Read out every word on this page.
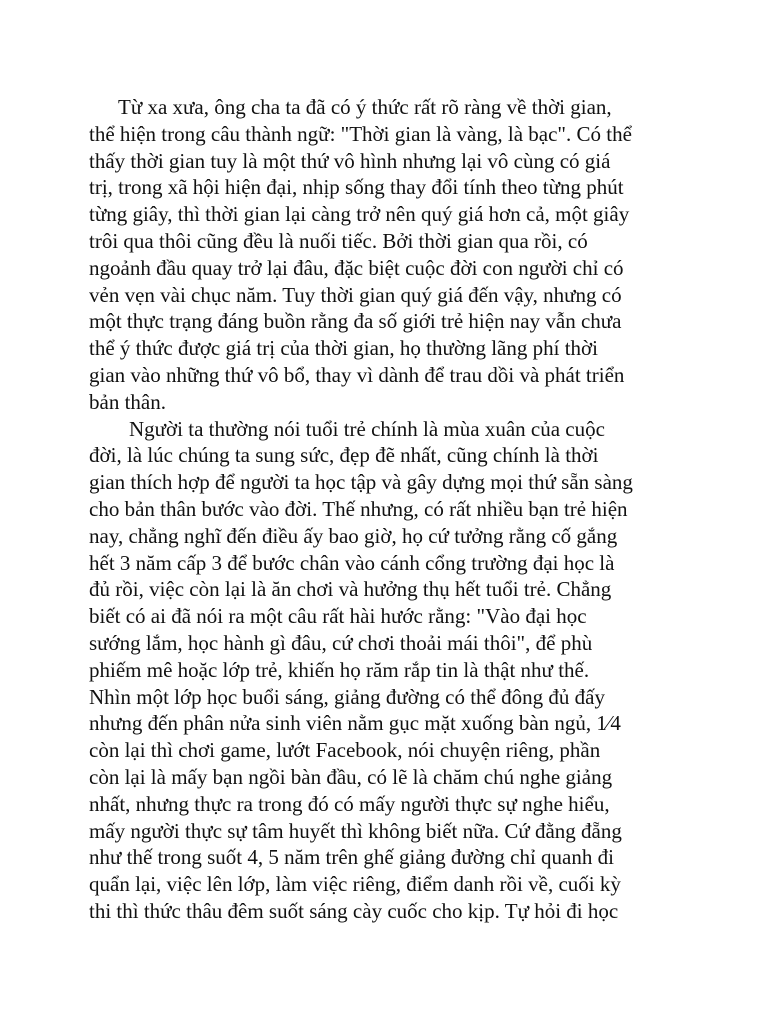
Từ xa xưa, ông cha ta đã có ý thức rất rõ ràng về thời gian,
thể hiện trong câu thành ngữ: "Thời gian là vàng, là bạc". Có thể
thấy thời gian tuy là một thứ vô hình nhưng lại vô cùng có giá
trị, trong xã hội hiện đại, nhịp sống thay đổi tính theo từng phút
từng giây, thì thời gian lại càng trở nên quý giá hơn cả, một giây
trôi qua thôi cũng đều là nuối tiếc. Bởi thời gian qua rồi, có
ngoảnh đầu quay trở lại đâu, đặc biệt cuộc đời con người chỉ có
vẻn vẹn vài chục năm. Tuy thời gian quý giá đến vậy, nhưng có
một thực trạng đáng buồn rằng đa số giới trẻ hiện nay vẫn chưa
thể ý thức được giá trị của thời gian, họ thường lãng phí thời
gian vào những thứ vô bổ, thay vì dành để trau dồi và phát triển
bản thân.
Người ta thường nói tuổi trẻ chính là mùa xuân của cuộc
đời, là lúc chúng ta sung sức, đẹp đẽ nhất, cũng chính là thời
gian thích hợp để người ta học tập và gây dựng mọi thứ sẵn sàng
cho bản thân bước vào đời. Thế nhưng, có rất nhiều bạn trẻ hiện
nay, chẳng nghĩ đến điều ấy bao giờ, họ cứ tưởng rằng cố gắng
hết 3 năm cấp 3 để bước chân vào cánh cổng trường đại học là
đủ rồi, việc còn lại là ăn chơi và hưởng thụ hết tuổi trẻ. Chẳng
biết có ai đã nói ra một câu rất hài hước rằng: "Vào đại học
sướng lắm, học hành gì đâu, cứ chơi thoải mái thôi", để phù
phiếm mê hoặc lớp trẻ, khiến họ răm rắp tin là thật như thế.
Nhìn một lớp học buổi sáng, giảng đường có thể đông đủ đấy
nhưng đến phân nửa sinh viên nằm gục mặt xuống bàn ngủ, 1⁄4
còn lại thì chơi game, lướt Facebook, nói chuyện riêng, phần
còn lại là mấy bạn ngồi bàn đầu, có lẽ là chăm chú nghe giảng
nhất, nhưng thực ra trong đó có mấy người thực sự nghe hiểu,
mấy người thực sự tâm huyết thì không biết nữa. Cứ đằng đẵng
như thế trong suốt 4, 5 năm trên ghế giảng đường chỉ quanh đi
quẩn lại, việc lên lớp, làm việc riêng, điểm danh rồi về, cuối kỳ
thi thì thức thâu đêm suốt sáng cày cuốc cho kịp. Tự hỏi đi học
